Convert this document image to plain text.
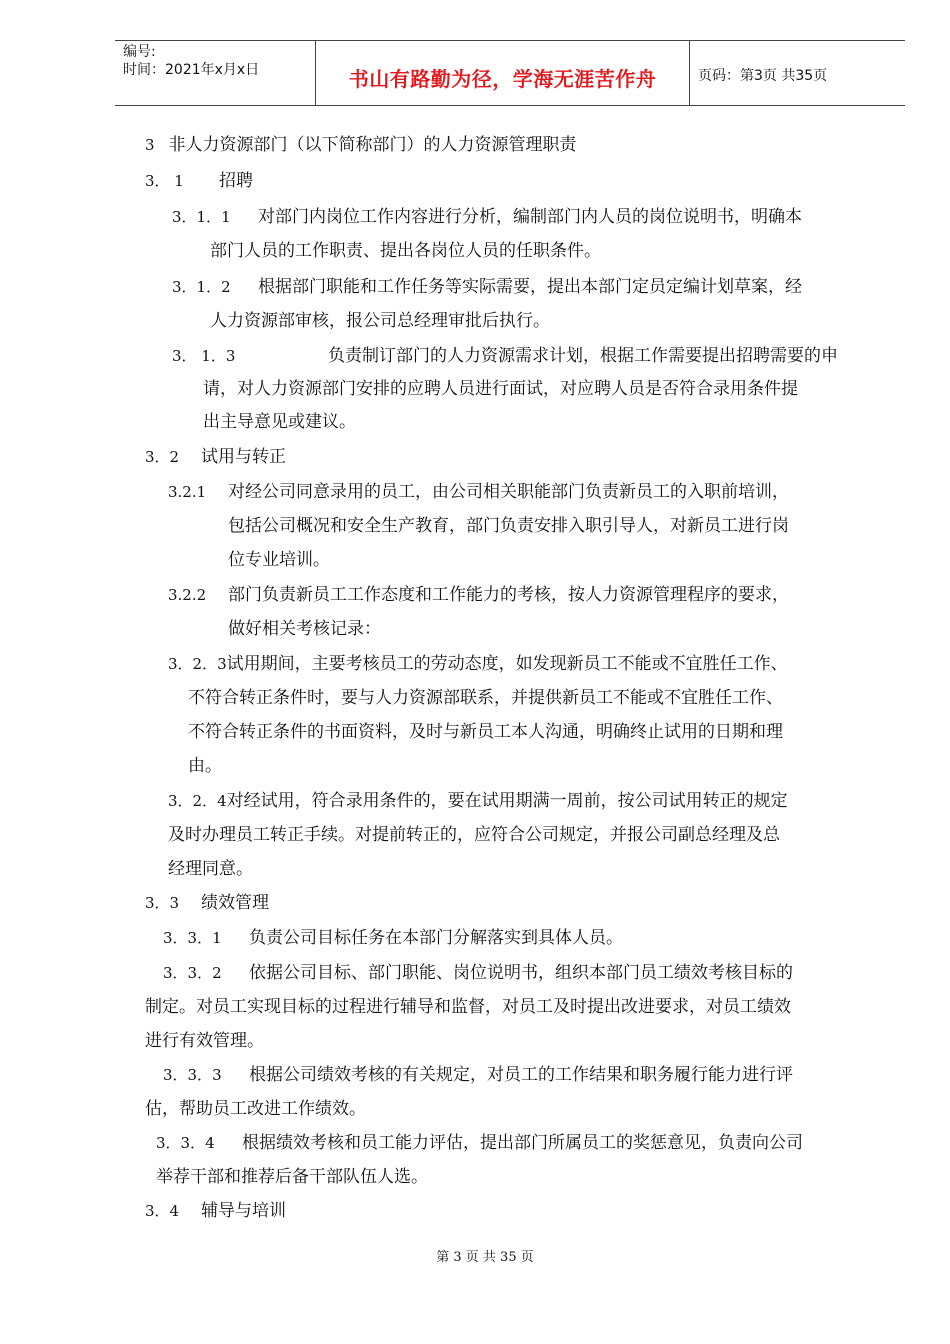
编号:
时间：2021年x月x日	书山有路勤为径，学海无涯苦作舟	页码：第3页 共35页
3 非人力资源部门（以下简称部门）的人力资源管理职责
3． 1 招聘
3．1．1 对部门内岗位工作内容进行分析，编制部门内人员的岗位说明书，明确本
部门人员的工作职责、提出各岗位人员的任职条件。
3．1．2 根据部门职能和工作任务等实际需要，提出本部门定员定编计划草案，经
人力资源部审核，报公司总经理审批后执行。
3． 1．3	负责制订部门的人力资源需求计划，根据工作需要提出招聘需要的申
请，对人力资源部门安排的应聘人员进行面试，对应聘人员是否符合录用条件提
出主导意见或建议。
3．2 试用与转正
3.2.1 对经公司同意录用的员工，由公司相关职能部门负责新员工的入职前培训，
包括公司概况和安全生产教育，部门负责安排入职引导人，对新员工进行岗
位专业培训。
3.2.2 部门负责新员工工作态度和工作能力的考核，按人力资源管理程序的要求，
做好相关考核记录：
3．2．3试用期间，主要考核员工的劳动态度，如发现新员工不能或不宜胜任工作、
不符合转正条件时，要与人力资源部联系，并提供新员工不能或不宜胜任工作、
不符合转正条件的书面资料，及时与新员工本人沟通，明确终止试用的日期和理
由。
3．2．4对经试用，符合录用条件的，要在试用期满一周前，按公司试用转正的规定
及时办理员工转正手续。对提前转正的，应符合公司规定，并报公司副总经理及总
经理同意。
3．3 绩效管理
3．3．1 负责公司目标任务在本部门分解落实到具体人员。
3．3．2 依据公司目标、部门职能、岗位说明书，组织本部门员工绩效考核目标的
制定。对员工实现目标的过程进行辅导和监督，对员工及时提出改进要求，对员工绩效
进行有效管理。
3．3．3 根据公司绩效考核的有关规定，对员工的工作结果和职务履行能力进行评
估，帮助员工改进工作绩效。
3．3．4 根据绩效考核和员工能力评估，提出部门所属员工的奖惩意见，负责向公司
举荐干部和推荐后备干部队伍人选。
3．4 辅导与培训
第 3 页 共 35 页
